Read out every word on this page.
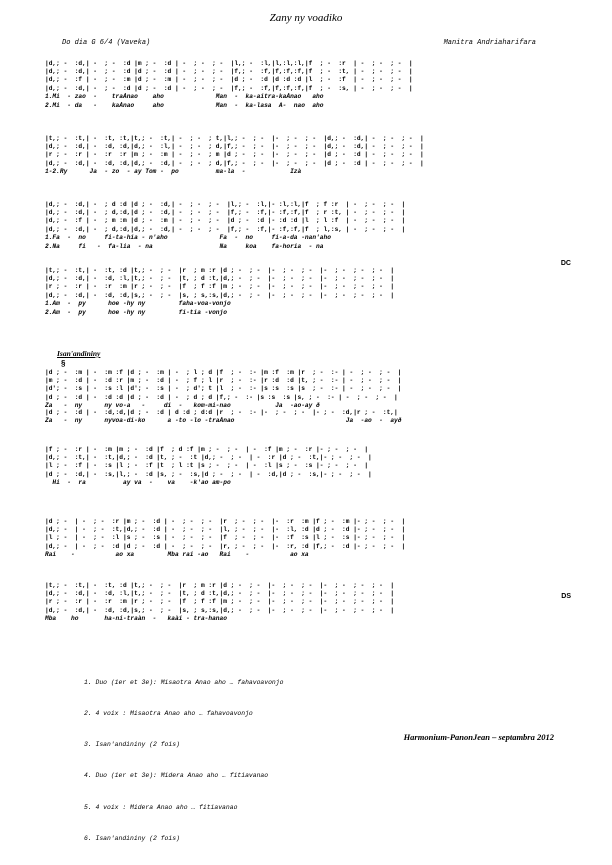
Zany ny voadiko
Do dia G 6/4 (Vaveka)	Manitra Andriaharifara
|d,; -  :d,| -  ; -  :d |m ; -  :d | -  ; -  ; -  |l,; -  :l,|l,:l,:l,|f  ; -  :r  | -  ; -  ; -  |
|d,; -  :d,| -  ; -  :d |d ; -  :d | -  ; -  ; -  |f,; -  :f,|f,:f,:f,|f  ; -  :t, | -  ; -  ; -  |
|d,; -  :f | -  ; -  :m |d ; -  :m | -  ; -  ; -  |d ; -  :d |d :d :d |l  ; -  :f  | -  ; -  ; -  |
|d,; -  :d,| -  ; -  :d |d ; -  :d | -  ; -  ; -  |f,; -  :f,|f,:f,:f,|f  ; -  :s, | -  ; -  ; -  |
1.Mi  - zao  -    traÀnao    aho              Man  -  ka-aitra-kaÀnao   aho
2.Mi  - da   -    kaÀnao     aho              Man  -  ka-lasa  A-  nao  aho
|t,; -  :t,| -  :t, :t,|t,; -  :t,| -  ; -  ; t,|l,; -  ; -  |-  ; -  ; -  |d,; -  :d,| -  ; -  ; -  |
|d,; -  :d,| -  :d, :d,|d,; -  :l,| -  ; -  ; d,|f,; -  ; -  |-  ; -  ; -  |d,; -  :d,| -  ; -  ; -  |
|r ; -  :r | -  :r  :r |m ; -  :m | -  ; -  ; m |d ; -  ; -  |-  ; -  ; -  |d ; -  :d | -  ; -  ; -  |
|d,; -  :d,| -  :d, :d,|d,; -  :d,| -  ; -  ; d,|f,; -  ; -  |-  ; -  ; -  |d ; -  :d | -  ; -  ; -  |
1-2.Ry      Ja  - zo  - ay Tom -  po          ma-la  -            Izà
|d,; -  :d,| -  ; d :d |d ; -  :d,| -  ; -  ; -  |l,; -  :l,|- :l,:l,|f  ; f :r  | -  ; -  ; -  |
|d,; -  :d,| -  ; d,:d,|d ; -  :d,| -  ; -  ; -  |f,; -  :f,|- :f,:f,|f  ; r :t, | -  ; -  ; -  |
|d,; -  :f | -  ; m :m |d ; -  :m | -  ; -  ; -  |d ; -  :d |- :d :d |l  ; l :f  | -  ; -  ; -  |
|d,; -  :d,| -  ; d,:d,|d,; -  :d,| -  ; -  ; -  |f,; -  :f,|- :f,:f,|f  ; l,:s, | -  ; -  ; -  |
1.Fa  -  no     fi-ta-hia - n'aho              Fa  -  no     fi-a-da -nan'aho
2.Na     fi   -  fa-lia  - na                  Na     koa    fa-horia  - na
DC
|t,; -  :t,| -  :t, :d |t,; -  ; -  |r  ; m :r |d ; -  ; -  |-  ; -  ; -  |-  ; -  ; -  ; -  |
|d,; -  :d,| -  :d, :l,|t,; -  ; -  |t, ; d :t,|d,; -  ; -  |-  ; -  ; -  |-  ; -  ; -  ; -  |
|r ; -  :r | -  :r  :m |r ; -  ; -  |f  ; f :f |m ; -  ; -  |-  ; -  ; -  |-  ; -  ; -  ; -  |
|d,; -  :d,| -  :d, :d,|s,; -  ; -  |s, ; s,:s,|d,; -  ; -  |-  ; -  ; -  |-  ; -  ; -  ; -  |
1.Am  -  py      hoe -hy ny         faha-voa-vonjo
2.Am  -  py      hoe -hy ny         fi-tia -vonjo
|d ; -  :m | -  :m :f |d ; -  :m | -  ; l ; d |f  ; -  :- |m :f  :m |r  ; -  :- | -  ; -  ; -  |
|m ; -  :d | -  :d :r |m ; -  :d | -  ; f ; l |r  ; -  :- |r :d  :d |t, ; -  :- | -  ; -  ; -  |
|d'; -  :s | -  :s :l |d'; -  :s | -  ; d'; t |l  ; -  :- |s :s  :s |s  ; -  :- | -  ; -  ; -  |
|d ; -  :d | -  :d :d |d ; -  :d | -  ; d ; d |f,; -  :- |s :s  :s |s, ; -  :- | -  ; -  ; -  |
Za   -  ny      ny vo-a   -     di  -   kom-mi-nao            Ja  -ao-ay ð
|d ; -  :d | -  :d,:d,|d ; -  :d | d :d ; d:d |r  ; -  :- |-  ; -  ; -  |- ; -  :d,|r ; -  :t,|
Za   -  ny      nyvoa-di-ko      a -to -lo -traÀnao                              Ja  -ao  -  ayð
|f ; -  :r | -  :m |m ; -  :d |f  ; d :f |m ; -  ; -  | -  :f |m ; -  :r |- ; -  ; -  |
|d,; -  :t,| -  :t,|d,; -  :d |t, ; -  :t |d,; -  ; -  | -  :r |d ; -  :t,|- ; -  ; -  |
|l ; -  :f | -  :s |l ; -  :f |t  ; l :t |s ; -  ; -  | -  :l |s ; -  :s |- ; -  ; -  |
|d ; -  :d,| -  :s,|l,; -  :d |s, ; -  :s,|d ; -  ; -  | -  :d,|d ; -  :s,|- ; -  ; -  |
Hi  -  ra          ay va  -    va    -k'ao am-po
|d ; -  | -  ; -  :r |m ; -  :d | -  ; -  ; -  |r  ; -  ; -  |-  :r  :m |f ; -  :m |- ; -  ; -  |
|d,; -  | -  ; -  :t,|d,; -  :d | -  ; -  ; -  |l, ; -  ; -  |-  :l, :d |d ; -  :d |- ; -  ; -  |
|l ; -  | -  ; -  :l |s ; -  :s | -  ; -  ; -  |f  ; -  ; -  |-  :f  :s |l ; -  :s |- ; -  ; -  |
|d,; -  | -  ; -  :d |d ; -  :d | -  ; -  ; -  |r, ; -  ; -  |-  :r, :d |f,; -  :d |- ; -  ; -  |
Rai    -           ao xa         Mba rai -ao   Rai    -           ao xa
DS
|t,; -  :t,| -  :t, :d |t,; -  ; -  |r  ; m :r |d ; -  ; -  |-  ; -  ; -  |-  ; -  ; -  ; -  |
|d,; -  :d,| -  :d, :l,|t,; -  ; -  |t, ; d :t,|d,; -  ; -  |-  ; -  ; -  |-  ; -  ; -  ; -  |
|r ; -  :r | -  :r  :m |r ; -  ; -  |f  ; f :f |m ; -  ; -  |-  ; -  ; -  |-  ; -  ; -  ; -  |
|d,; -  :d,| -  :d, :d,|s,; -  ; -  |s, ; s,:s,|d,; -  ; -  |-  ; -  ; -  |-  ; -  ; -  ; -  |
Mba    ho       ha-ni-traàn  -   kaài - tra-hanao
Isan'andininy
§

1. Duo (1er et 3e): Misaotra Anao aho … fahavoavonjo

2. 4 voix : Misaotra Anao aho … fahavoavonjo

3. Isan'andininy (2 fois)

4. Duo (1er et 3e): Midera Anao aho … fitiavanao

5. 4 voix : Midera Anao aho … fitiavanao

6. Isan'andininy (2 fois)

Harmonium-PanonJean – septambra 2012
